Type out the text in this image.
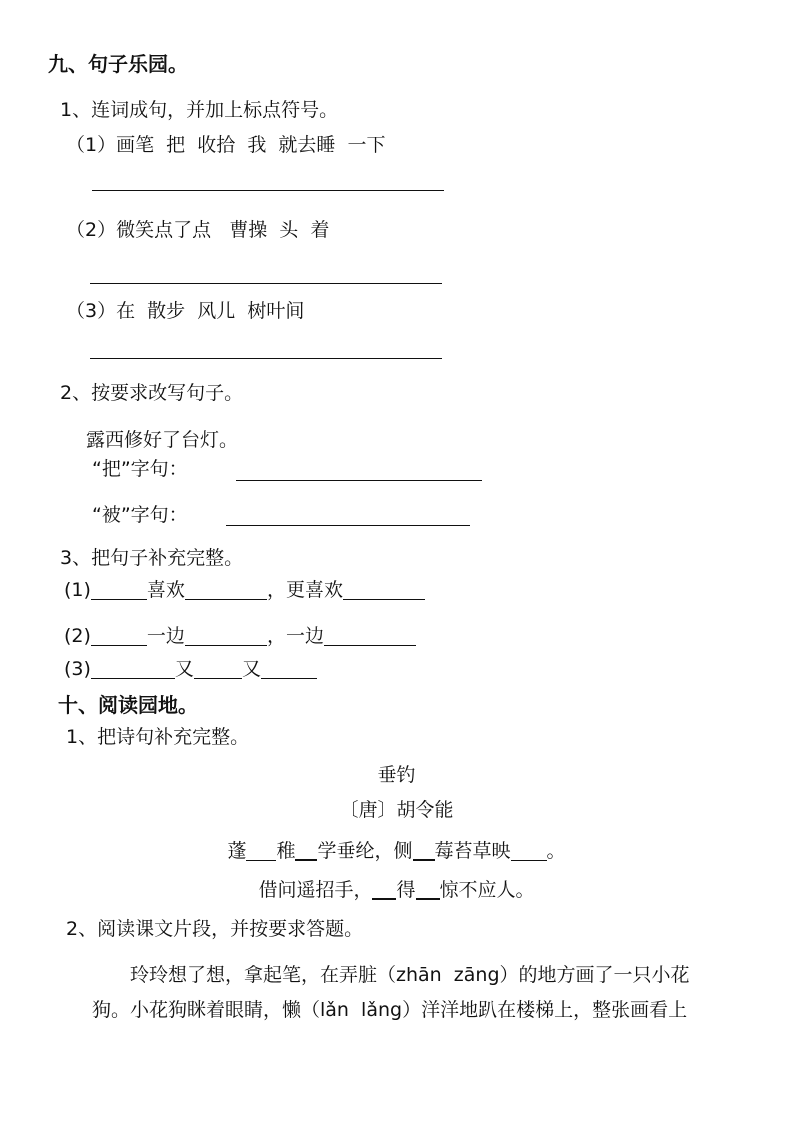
九、句子乐园。
1、连词成句，并加上标点符号。
（1）画笔  把  收拾  我  就去睡  一下
（2）微笑点了点   曹操  头  着
（3）在  散步  风儿  树叶间
2、按要求改写句子。
露西修好了台灯。
“把”字句：
“被”字句：
3、把句子补充完整。
(1)	喜欢	，更喜欢
(2)	一边	，一边
(3)	又	又
十、阅读园地。
1、把诗句补充完整。
垂钓
〔唐〕胡令能
蓬 稚 学垂纶，侧 莓苔草映 。
借问遥招手， 得 惊不应人。
2、阅读课文片段，并按要求答题。
玲玲想了想，拿起笔，在弄脏（zhān  zāng）的地方画了一只小花
狗。小花狗眯着眼睛，懒（lǎn  lǎng）洋洋地趴在楼梯上，整张画看上
